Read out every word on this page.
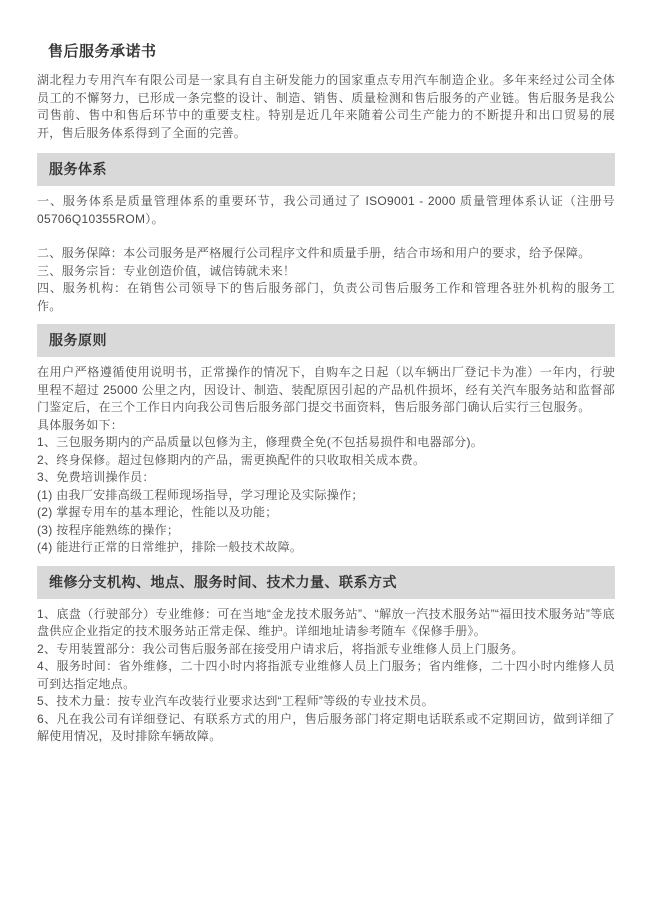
售后服务承诺书

湖北程力专用汽车有限公司是一家具有自主研发能力的国家重点专用汽车制造企业。多年来经过公司全体员工的不懈努力，已形成一条完整的设计、制造、销售、质量检测和售后服务的产业链。售后服务是我公司售前、售中和售后环节中的重要支柱。特别是近几年来随着公司生产能力的不断提升和出口贸易的展开，售后服务体系得到了全面的完善。

服务体系

一、服务体系是质量管理体系的重要环节，我公司通过了 ISO9001 - 2000 质量管理体系认证（注册号 05706Q10355ROM）。

二、服务保障：本公司服务是严格履行公司程序文件和质量手册，结合市场和用户的要求，给予保障。

三、服务宗旨：专业创造价值，诚信铸就未来！

四、服务机构：在销售公司领导下的售后服务部门，负责公司售后服务工作和管理各驻外机构的服务工作。

服务原则

在用户严格遵循使用说明书，正常操作的情况下，自购车之日起（以车辆出厂登记卡为准）一年内，行驶里程不超过 25000 公里之内，因设计、制造、装配原因引起的产品机件损坏，经有关汽车服务站和监督部门鉴定后，在三个工作日内向我公司售后服务部门提交书面资料，售后服务部门确认后实行三包服务。

具体服务如下：

1、三包服务期内的产品质量以包修为主，修理费全免(不包括易损件和电器部分)。

2、终身保修。超过包修期内的产品，需更换配件的只收取相关成本费。

3、免费培训操作员：

(1) 由我厂安排高级工程师现场指导，学习理论及实际操作；

(2) 掌握专用车的基本理论，性能以及功能；

(3) 按程序能熟练的操作；

(4) 能进行正常的日常维护，排除一般技术故障。

维修分支机构、地点、服务时间、技术力量、联系方式

1、底盘（行驶部分）专业维修：可在当地“金龙技术服务站”、“解放一汽技术服务站”“福田技术服务站”等底盘供应企业指定的技术服务站正常走保、维护。详细地址请参考随车《保修手册》。

2、专用装置部分：我公司售后服务部在接受用户请求后，将指派专业维修人员上门服务。

4、服务时间：省外维修，二十四小时内将指派专业维修人员上门服务；省内维修，二十四小时内维修人员可到达指定地点。

5、技术力量：按专业汽车改装行业要求达到“工程师”等级的专业技术员。

6、凡在我公司有详细登记、有联系方式的用户，售后服务部门将定期电话联系或不定期回访，做到详细了解使用情况，及时排除车辆故障。
